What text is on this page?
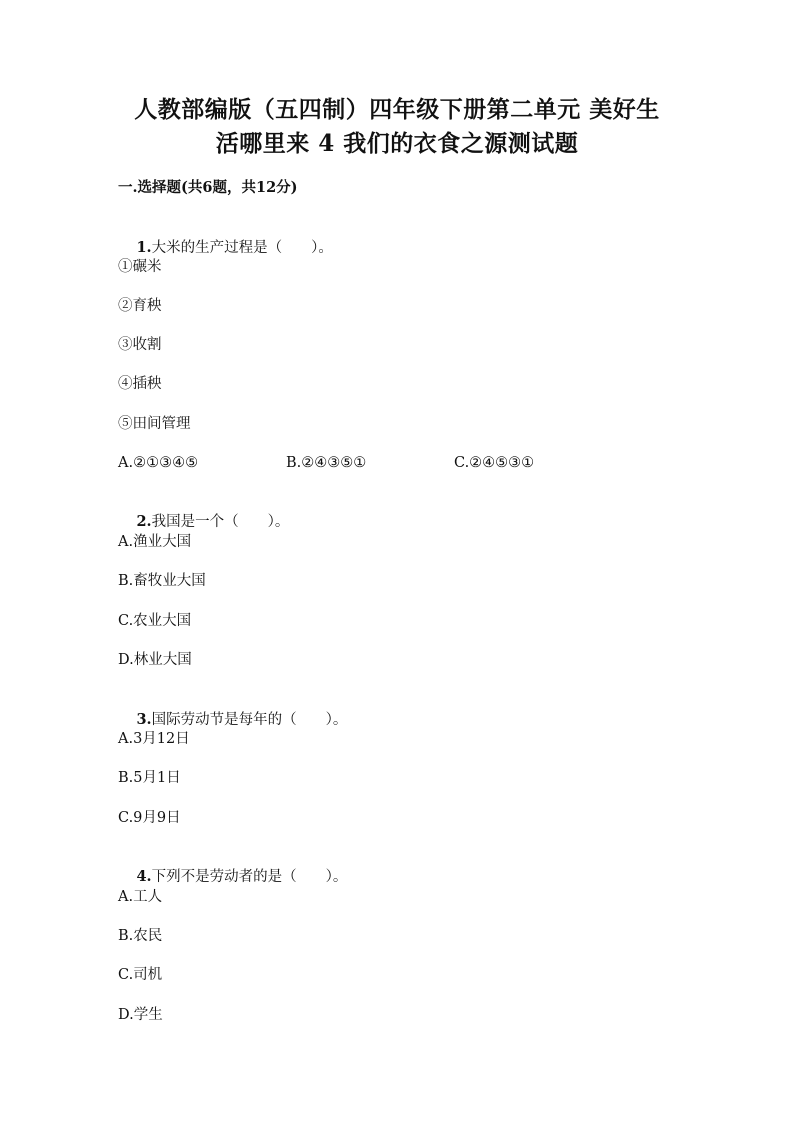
人教部编版（五四制）四年级下册第二单元 美好生
活哪里来 4 我们的衣食之源测试题
一.选择题(共6题，共12分)

1.大米的生产过程是（　　）。

①碾米
②育秧
③收割
④插秧
⑤田间管理
A.②①③④⑤	B.②④③⑤①	C.②④⑤③①

2.我国是一个（　　）。

A.渔业大国
B.畜牧业大国
C.农业大国
D.林业大国

3.国际劳动节是每年的（　　）。

A.3月12日
B.5月1日
C.9月9日

4.下列不是劳动者的是（　　）。

A.工人
B.农民
C.司机
D.学生
